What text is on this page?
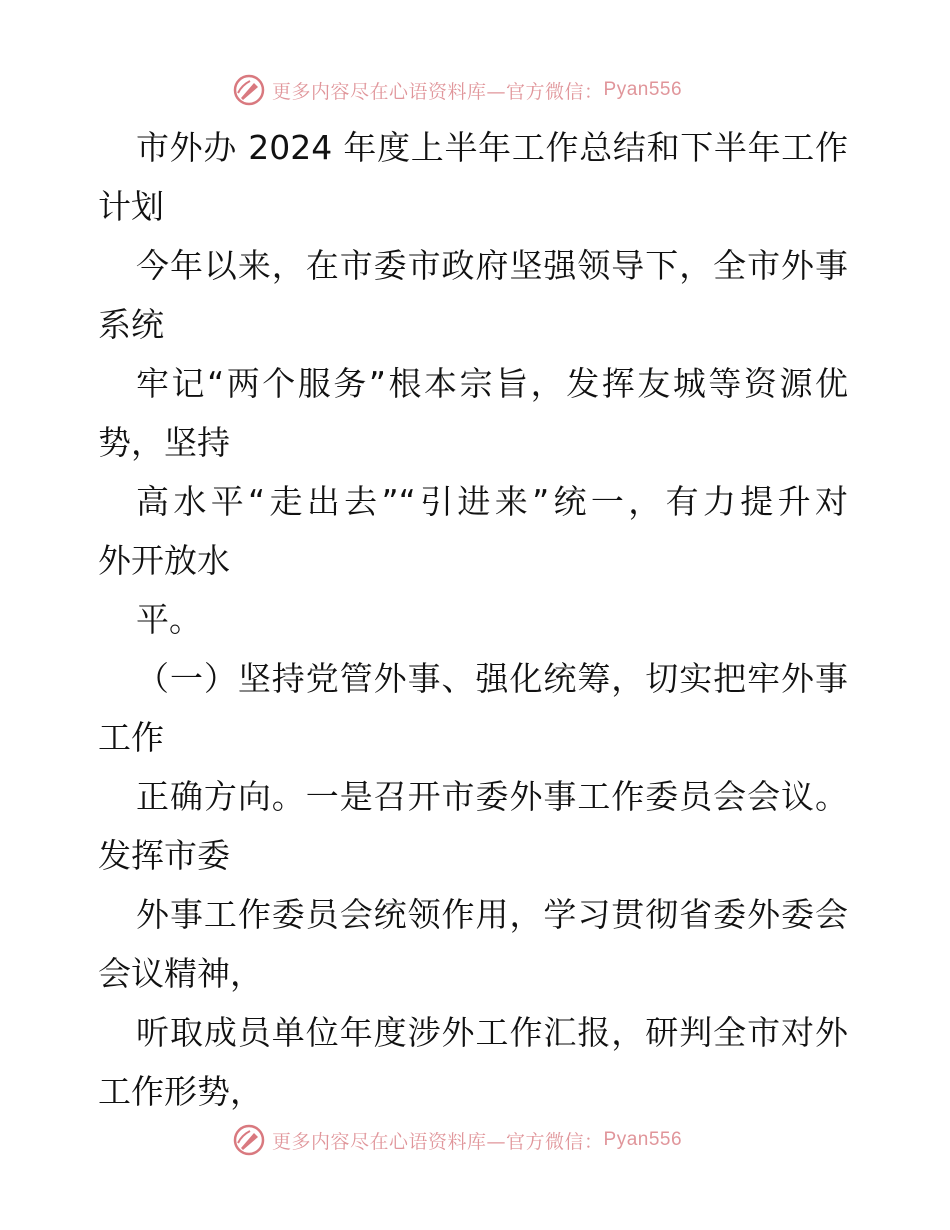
更多内容尽在心语资料库—官方微信： Pyan556
市外办 2024 年度上半年工作总结和下半年工作
计划
今年以来，在市委市政府坚强领导下，全市外事
系统
牢记“两个服务”根本宗旨，发挥友城等资源优
势，坚持
高水平“走出去”“引进来”统一，有力提升对
外开放水
平。
（一）坚持党管外事、强化统筹，切实把牢外事
工作
正确方向。一是召开市委外事工作委员会会议。
发挥市委
外事工作委员会统领作用，学习贯彻省委外委会
会议精神，
听取成员单位年度涉外工作汇报，研判全市对外
工作形势，
更多内容尽在心语资料库—官方微信： Pyan556
